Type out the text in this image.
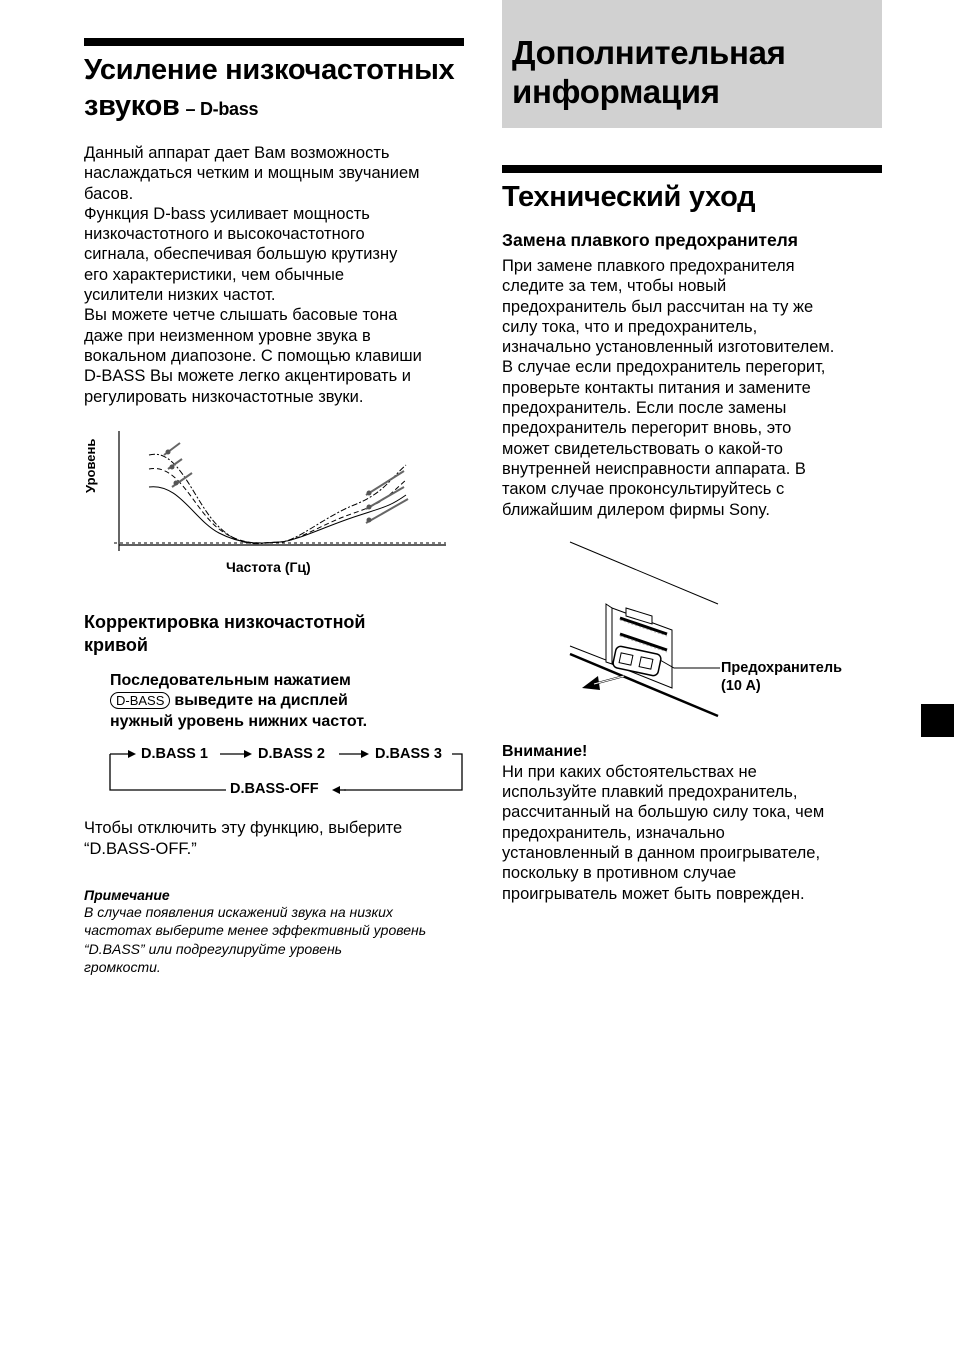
Усиление низкочастотных
звуков – D-bass

Данный аппарат дает Вам возможность

наслаждаться четким и мощным звучанием

басов.

Функция D-bass усиливает мощность

низкочастотного и высокочастотного

сигнала, обеспечивая большую крутизну

его характеристики, чем обычные

усилители низких частот.

Вы можете четче слышать басовые тона

даже при неизменном уровне звука в

вокальном диапозоне. С помощью клавиши

D-BASS Вы можете легко акцентировать и

регулировать низкочастотные звуки.

Уровень
Частота (Гц)
Корректировка низкочастотной
кривой
Последовательным нажатием
D-BASS выведите на дисплей
нужный уровень нижних частот.
D.BASS 1	D.BASS 2	D.BASS 3
D.BASS-OFF

Чтобы отключить эту функцию, выберите

“D.BASS-OFF.”

Примечание
В случае появления искажений звука на низких
частотах выберите менее эффективный уровень
“D.BASS” или подрегулируйте уровень
громкости.
Дополнительная
информация
Технический уход
Замена плавкого предохранителя

При замене плавкого предохранителя

следите за тем, чтобы новый

предохранитель был рассчитан на ту же

силу тока, что и предохранитель,

изначально установленный изготовителем.

В случае если предохранитель перегорит,

проверьте контакты питания и замените

предохранитель. Если после замены

предохранитель перегорит вновь, это

может свидетельствовать о какой-то

внутренней неисправности аппарата. В

таком случае проконсультируйтесь с

ближайшим дилером фирмы Sony.

Предохранитель
(10 A)
Внимание!

Ни при каких обстоятельствах не

используйте плавкий предохранитель,

рассчитанный на большую силу тока, чем

предохранитель, изначально

установленный в данном проигрывателе,

поскольку в противном случае

проигрыватель может быть поврежден.
